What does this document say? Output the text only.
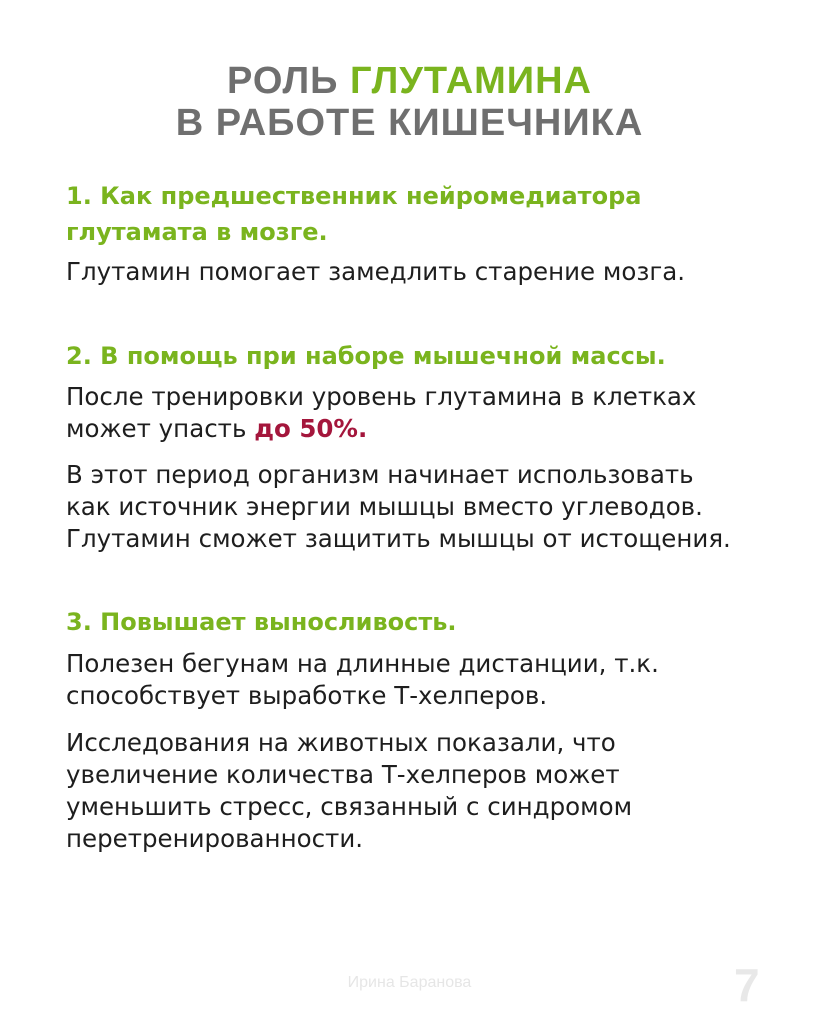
РОЛЬ ГЛУТАМИНА
В РАБОТЕ КИШЕЧНИКА
1. Как предшественник нейромедиатора
глутамата в мозге.
Глутамин помогает замедлить старение мозга.
2. В помощь при наборе мышечной массы.
После тренировки уровень глутамина в клетках
может упасть до 50%.
В этот период организм начинает использовать
как источник энергии мышцы вместо углеводов.
Глутамин сможет защитить мышцы от истощения.
3. Повышает выносливость.
Полезен бегунам на длинные дистанции, т.к.
способствует выработке Т-хелперов.
Исследования на животных показали, что
увеличение количества Т-хелперов может
уменьшить стресс, связанный с синдромом
перетренированности.
Ирина Баранова	7
